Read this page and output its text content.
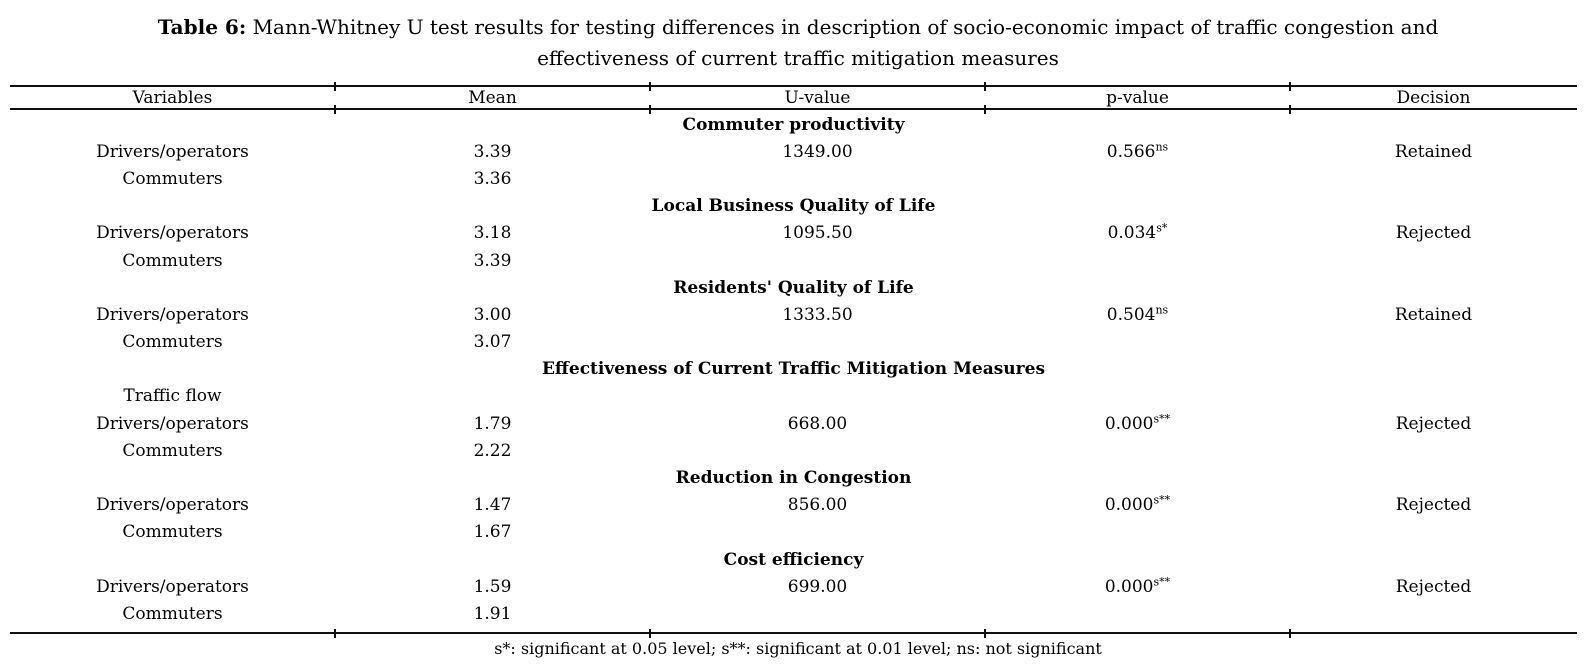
Table 6: Mann-Whitney U test results for testing differences in description of socio-economic impact of traffic congestion and
effectiveness of current traffic mitigation measures
Variables	Mean	U-value	p-value	Decision
Commuter productivity
Drivers/operators	3.39	1349.00	$0.566^{ns}$	Retained
Commuters	3.36
Local Business Quality of Life
Drivers/operators	3.18	1095.50	$0.034^{s*}$	Rejected
Commuters	3.39
Residents' Quality of Life
Drivers/operators	3.00	1333.50	$0.504^{ns}$	Retained
Commuters	3.07
Effectiveness of Current Traffic Mitigation Measures
Traffic flow
Drivers/operators	1.79	668.00	$0.000^{s**}$	Rejected
Commuters	2.22
Reduction in Congestion
Drivers/operators	1.47	856.00	$0.000^{s**}$	Rejected
Commuters	1.67
Cost efficiency
Drivers/operators	1.59	699.00	$0.000^{s**}$	Rejected
Commuters	1.91
s*: significant at 0.05 level; s**: significant at 0.01 level; ns: not significant
